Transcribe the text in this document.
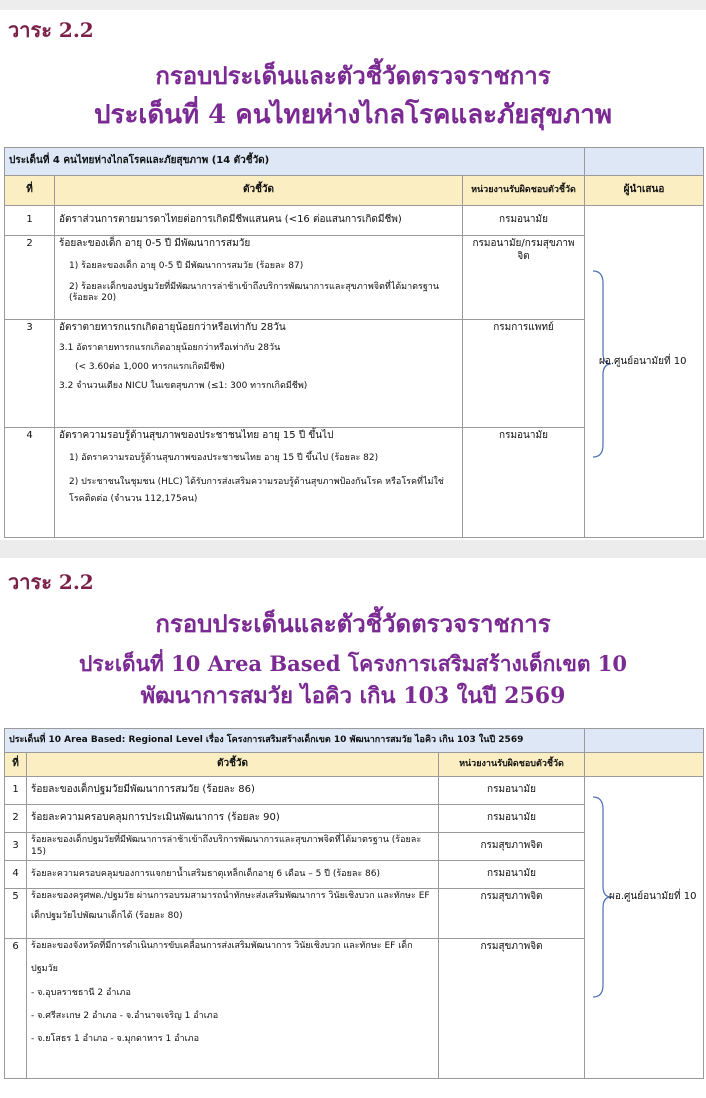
วาระ 2.2
กรอบประเด็นและตัวชี้วัดตรวจราชการ
ประเด็นที่ 4 คนไทยห่างไกลโรคและภัยสุขภาพ
ประเด็นที่ 4 คนไทยห่างไกลโรคและภัยสุขภาพ (14 ตัวชี้วัด)			
ที่	ตัวชี้วัด	หน่วยงานรับผิดชอบตัวชี้วัด	ผู้นำเสนอ
1	อัตราส่วนการตายมารดาไทยต่อการเกิดมีชีพแสนคน (<16 ต่อแสนการเกิดมีชีพ)	กรมอนามัย	ผอ.ศูนย์อนามัยที่ 10

2	ร้อยละของเด็ก อายุ 0-5 ปี มีพัฒนาการสมวัย
1) ร้อยละของเด็ก อายุ 0-5 ปี มีพัฒนาการสมวัย (ร้อยละ 87)
2) ร้อยละเด็กของปฐมวัยที่มีพัฒนาการล่าช้าเข้าถึงบริการพัฒนาการและสุขภาพจิตที่ได้มาตรฐาน (ร้อยละ 20)	กรมอนามัย/กรมสุขภาพจิต	
3	อัตราตายทารกแรกเกิดอายุน้อยกว่าหรือเท่ากับ 28วัน
3.1 อัตราตายทารกแรกเกิดอายุน้อยกว่าหรือเท่ากับ 28วัน
(< 3.60ต่อ 1,000 ทารกแรกเกิดมีชีพ)
3.2 จำนวนเตียง NICU ในเขตสุขภาพ (≤1: 300 ทารกเกิดมีชีพ)	กรมการแพทย์	
4	อัตราความรอบรู้ด้านสุขภาพของประชาชนไทย อายุ 15 ปี ขึ้นไป
1) อัตราความรอบรู้ด้านสุขภาพของประชาชนไทย อายุ 15 ปี ขึ้นไป (ร้อยละ 82)
2) ประชาชนในชุมชน (HLC) ได้รับการส่งเสริมความรอบรู้ด้านสุขภาพป้องกันโรค หรือโรคที่ไม่ใช่โรคติดต่อ (จำนวน 112,175คน)	กรมอนามัย	
วาระ 2.2
กรอบประเด็นและตัวชี้วัดตรวจราชการ
ประเด็นที่ 10 Area Based โครงการเสริมสร้างเด็กเขต 10
พัฒนาการสมวัย ไอคิว เกิน 103 ในปี 2569
ประเด็นที่ 10 Area Based: Regional Level เรื่อง โครงการเสริมสร้างเด็กเขต 10 พัฒนาการสมวัย ไอคิว เกิน 103 ในปี 2569			
ที่	ตัวชี้วัด	หน่วยงานรับผิดชอบตัวชี้วัด	
1	ร้อยละของเด็กปฐมวัยมีพัฒนาการสมวัย (ร้อยละ 86)	กรมอนามัย	ผอ.ศูนย์อนามัยที่ 10

2	ร้อยละความครอบคลุมการประเมินพัฒนาการ (ร้อยละ 90)	กรมอนามัย	
3	ร้อยละของเด็กปฐมวัยที่มีพัฒนาการล่าช้าเข้าถึงบริการพัฒนาการและสุขภาพจิตที่ได้มาตรฐาน (ร้อยละ 15)	กรมสุขภาพจิต	
4	ร้อยละความครอบคลุมของการแจกยาน้ำเสริมธาตุเหล็กเด็กอายุ 6 เดือน – 5 ปี (ร้อยละ 86)	กรมอนามัย	
5	ร้อยละของครูศพด./ปฐมวัย ผ่านการอบรมสามารถนำทักษะส่งเสริมพัฒนาการ วินัยเชิงบวก และทักษะ EF
เด็กปฐมวัยไปพัฒนาเด็กได้ (ร้อยละ 80)	กรมสุขภาพจิต	
6	ร้อยละของจังหวัดที่มีการดำเนินการขับเคลื่อนการส่งเสริมพัฒนาการ วินัยเชิงบวก และทักษะ EF เด็ก
ปฐมวัย
- จ.อุบลราชธานี 2 อำเภอ
- จ.ศรีสะเกษ 2 อำเภอ - จ.อำนาจเจริญ 1 อำเภอ
- จ.ยโสธร 1 อำเภอ - จ.มุกดาหาร 1 อำเภอ	กรมสุขภาพจิต	
